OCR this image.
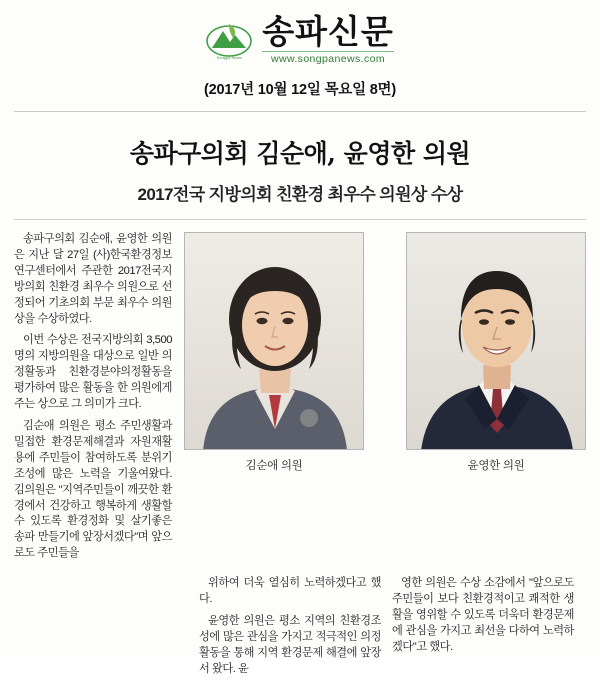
Songpa News
송파신문
www.songpanews.com
(2017년 10월 12일 목요일 8면)
송파구의회 김순애, 윤영한 의원
2017전국 지방의회 친환경 최우수 의원상 수상

송파구의회 김순애, 윤영한 의원은 지난 달 27일 (사)한국환경정보연구센터에서 주관한 2017전국지방의회 친환경 최우수 의원으로 선정되어 기초의회 부문 최우수 의원상을 수상하였다.

이번 수상은 전국지방의회 3,500명의 지방의원을 대상으로 일반 의정활동과 친환경분야의정활동을 평가하여 많은 활동을 한 의원에게 주는 상으로 그 의미가 크다.

김순애 의원은 평소 주민생활과 밀접한 환경문제해결과 자원재활용에 주민들이 참여하도록 분위기 조성에 많은 노력을 기울여왔다. 김의원은 "지역주민들이 깨끗한 환경에서 건강하고 행복하게 생활할 수 있도록 환경정화 및 살기좋은 송파 만들기에 앞장서겠다"며 앞으로도 주민들을

김순애 의원	윤영한 의원

위하여 더욱 열심히 노력하겠다고 했다.

윤영한 의원은 평소 지역의 친환경조성에 많은 관심을 가지고 적극적인 의정활동을 통해 지역 환경문제 해결에 앞장서 왔다. 윤

영한 의원은 수상 소감에서 "앞으로도 주민들이 보다 친환경적이고 쾌적한 생활을 영위할 수 있도록 더욱더 환경문제에 관심을 가지고 최선을 다하여 노력하겠다"고 했다.
